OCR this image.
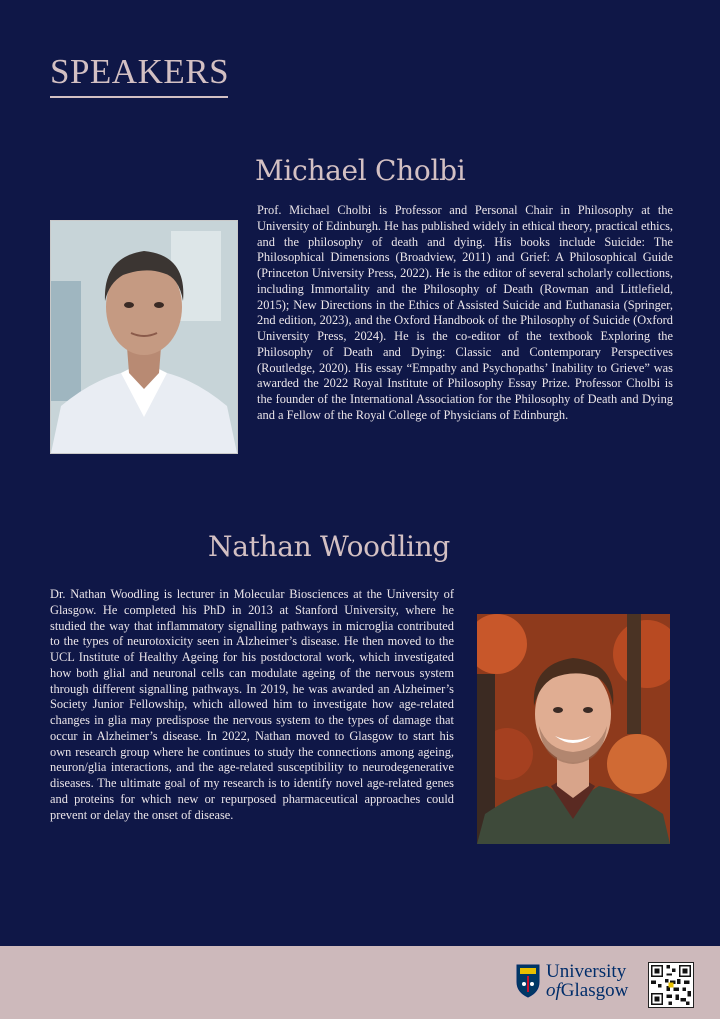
SPEAKERS
Michael Cholbi

Prof. Michael Cholbi is Professor and Personal Chair in Philosophy at the University of Edinburgh. He has published widely in ethical theory, practical ethics, and the philosophy of death and dying. His books include Suicide: The Philosophical Dimensions (Broadview, 2011) and Grief: A Philosophical Guide (Princeton University Press, 2022). He is the editor of several scholarly collections, including Immortality and the Philosophy of Death (Rowman and Littlefield, 2015); New Directions in the Ethics of Assisted Suicide and Euthanasia (Springer, 2nd edition, 2023), and the Oxford Handbook of the Philosophy of Suicide (Oxford University Press, 2024). He is the co-editor of the textbook Exploring the Philosophy of Death and Dying: Classic and Contemporary Perspectives (Routledge, 2020). His essay “Empathy and Psychopaths’ Inability to Grieve” was awarded the 2022 Royal Institute of Philosophy Essay Prize. Professor Cholbi is the founder of the International Association for the Philosophy of Death and Dying and a Fellow of the Royal College of Physicians of Edinburgh.

Nathan Woodling

Dr. Nathan Woodling is lecturer in Molecular Biosciences at the University of Glasgow. He completed his PhD in 2013 at Stanford University, where he studied the way that inflammatory signalling pathways in microglia contributed to the types of neurotoxicity seen in Alzheimer’s disease. He then moved to the UCL Institute of Healthy Ageing for his postdoctoral work, which investigated how both glial and neuronal cells can modulate ageing of the nervous system through different signalling pathways. In 2019, he was awarded an Alzheimer’s Society Junior Fellowship, which allowed him to investigate how age-related changes in glia may predispose the nervous system to the types of damage that occur in Alzheimer’s disease. In 2022, Nathan moved to Glasgow to start his own research group where he continues to study the connections among ageing, neuron/glia interactions, and the age-related susceptibility to neurodegenerative diseases. The ultimate goal of my research is to identify novel age-related genes and proteins for which new or repurposed pharmaceutical approaches could prevent or delay the onset of disease.

University
ofGlasgow
